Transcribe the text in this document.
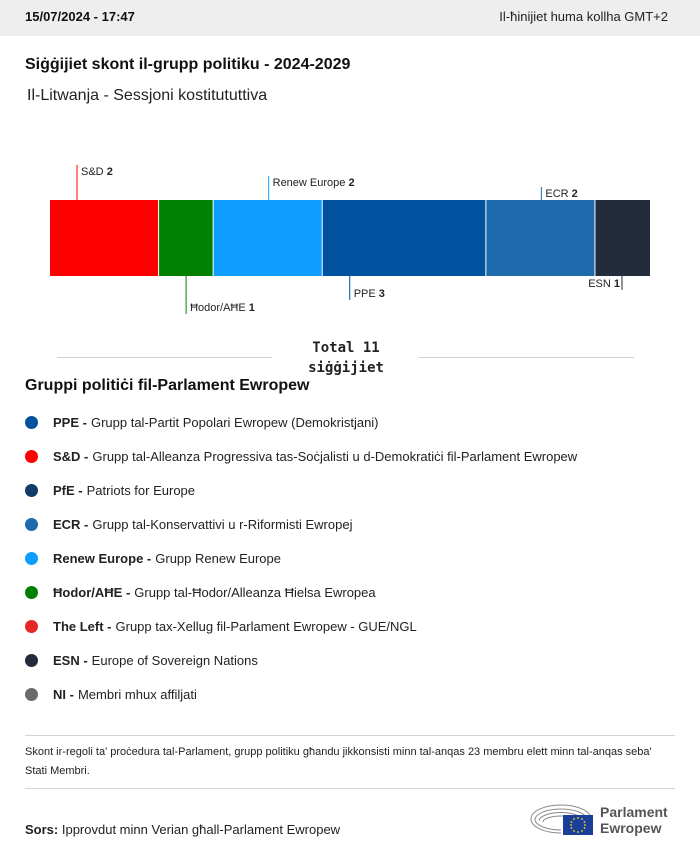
15/07/2024 - 17:47	Il-ħinijiet huma kollha GMT+2
Siġġijiet skont il-grupp politiku - 2024-2029
Il-Litwanja - Sessjoni kostitututtiva
S&D 2
Ħodor/AĦE 1
Renew Europe 2
PPE 3
ECR 2
ESN 1
Total 11
siġġijiet
Gruppi politiċi fil-Parlament Ewropew
PPE - Grupp tal-Partit Popolari Ewropew (Demokristjani)
S&D - Grupp tal-Alleanza Progressiva tas-Soċjalisti u d-Demokratiċi fil-Parlament Ewropew
PfE - Patriots for Europe
ECR - Grupp tal-Konservattivi u r-Riformisti Ewropej
Renew Europe - Grupp Renew Europe
Ħodor/AĦE - Grupp tal-Ħodor/Alleanza Ħielsa Ewropea
The Left - Grupp tax-Xellug fil-Parlament Ewropew - GUE/NGL
ESN - Europe of Sovereign Nations
NI - Membri mhux affiljati
Skont ir-regoli ta' proċedura tal-Parlament, grupp politiku għandu jikkonsisti minn tal-anqas 23 membru elett minn tal-anqas seba' Stati Membri.
Sors: Ipprovdut minn Verian għall-Parlament Ewropew
Parlament
Ewropew
